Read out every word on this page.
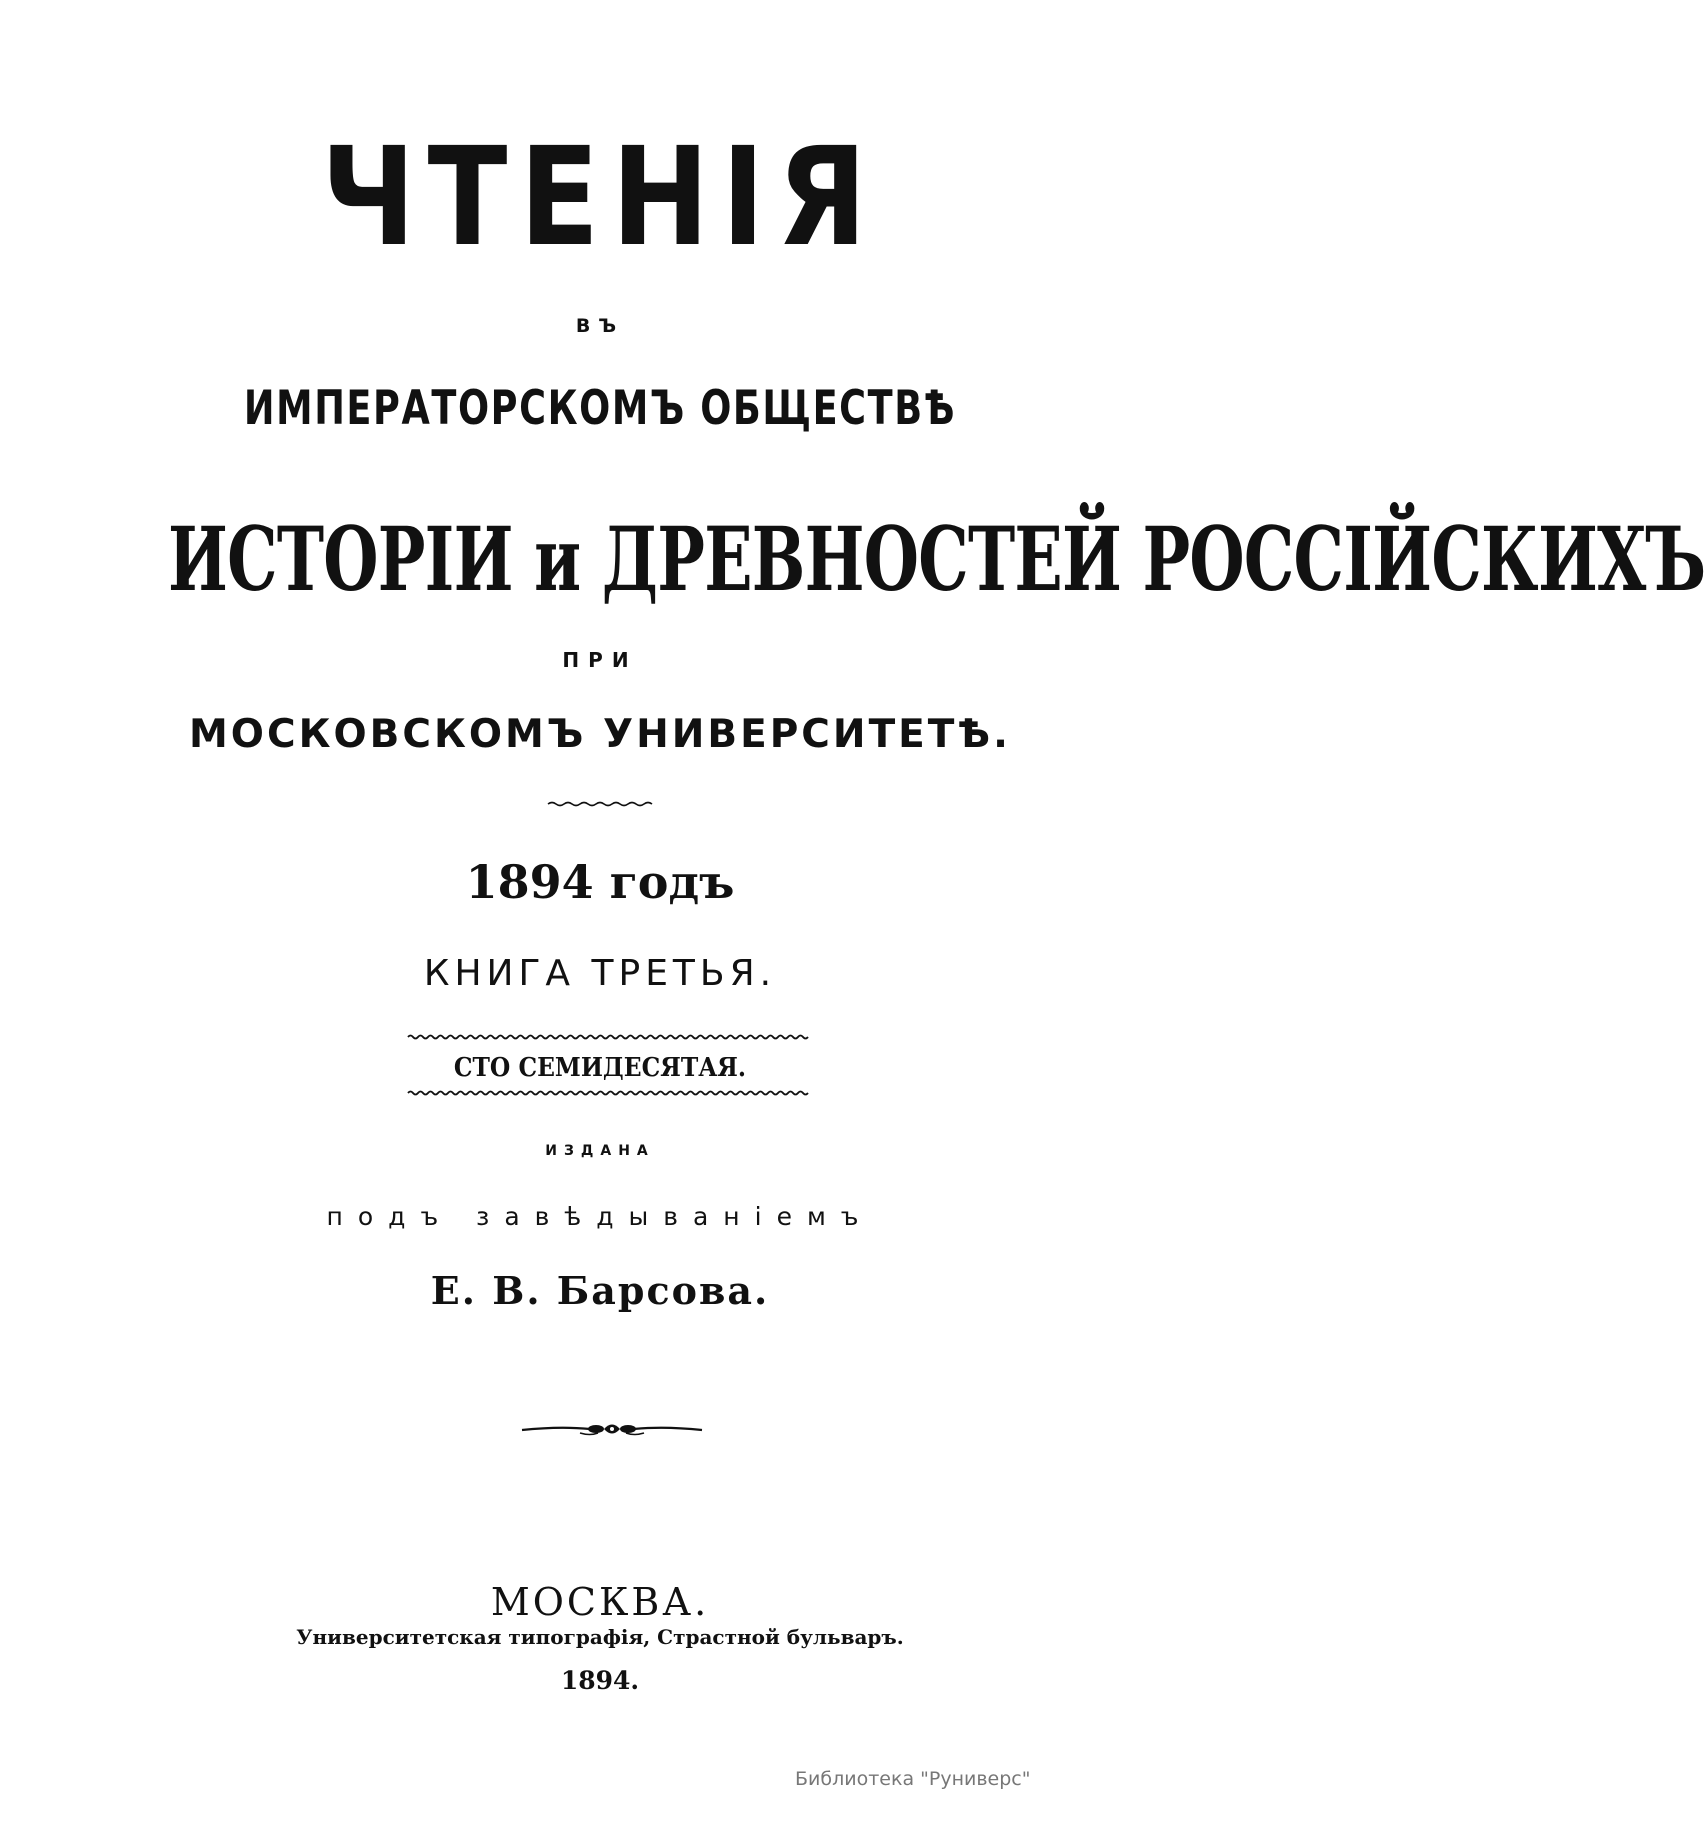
ЧТЕНІЯ
ВЪ
ИМПЕРАТОРСКОМЪ ОБЩЕСТВѢ
ИСТОРІИ и ДРЕВНОСТЕЙ РОССІЙСКИХЪ
ПРИ
МОСКОВСКОМЪ УНИВЕРСИТЕТѢ.
1894 годъ
КНИГА ТРЕТЬЯ.
СТО СЕМИДЕСЯТАЯ.
ИЗДАНА
подъ завѣдываніемъ
Е. В. Барсова.
МОСКВА.
Университетская типографія, Страстной бульваръ.
1894.
Библиотека "Руниверс"
